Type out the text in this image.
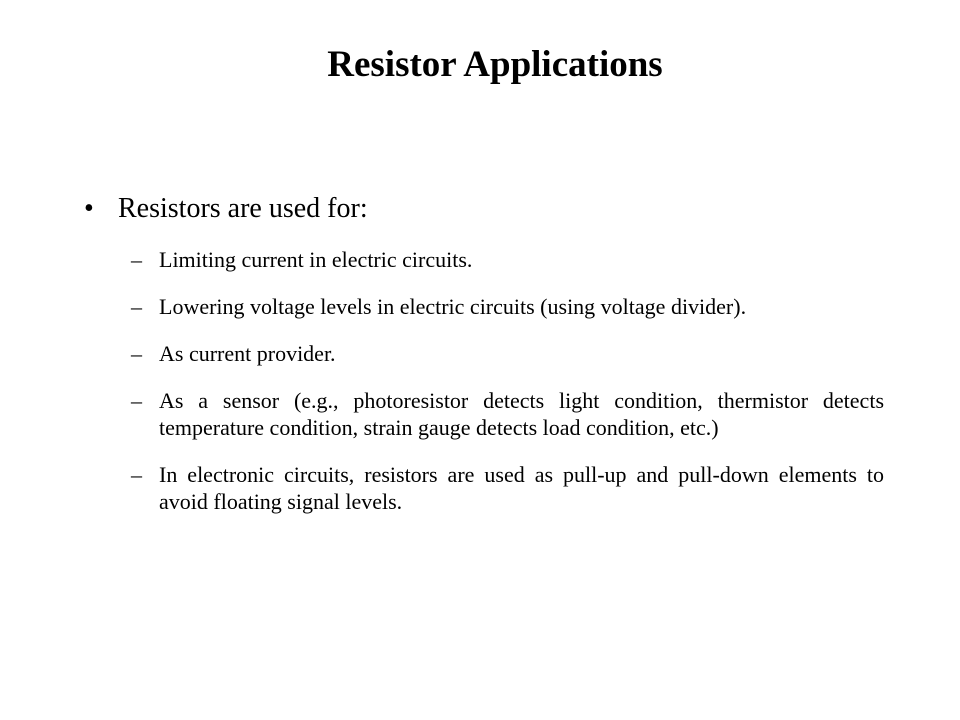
Resistor Applications
• Resistors are used for:
– Limiting current in electric circuits.
– Lowering voltage levels in electric circuits (using voltage divider).
– As current provider.
– As a sensor (e.g., photoresistor detects light condition, thermistor detects temperature condition, strain gauge detects load condition, etc.)
– In electronic circuits, resistors are used as pull-up and pull-down elements to avoid floating signal levels.
